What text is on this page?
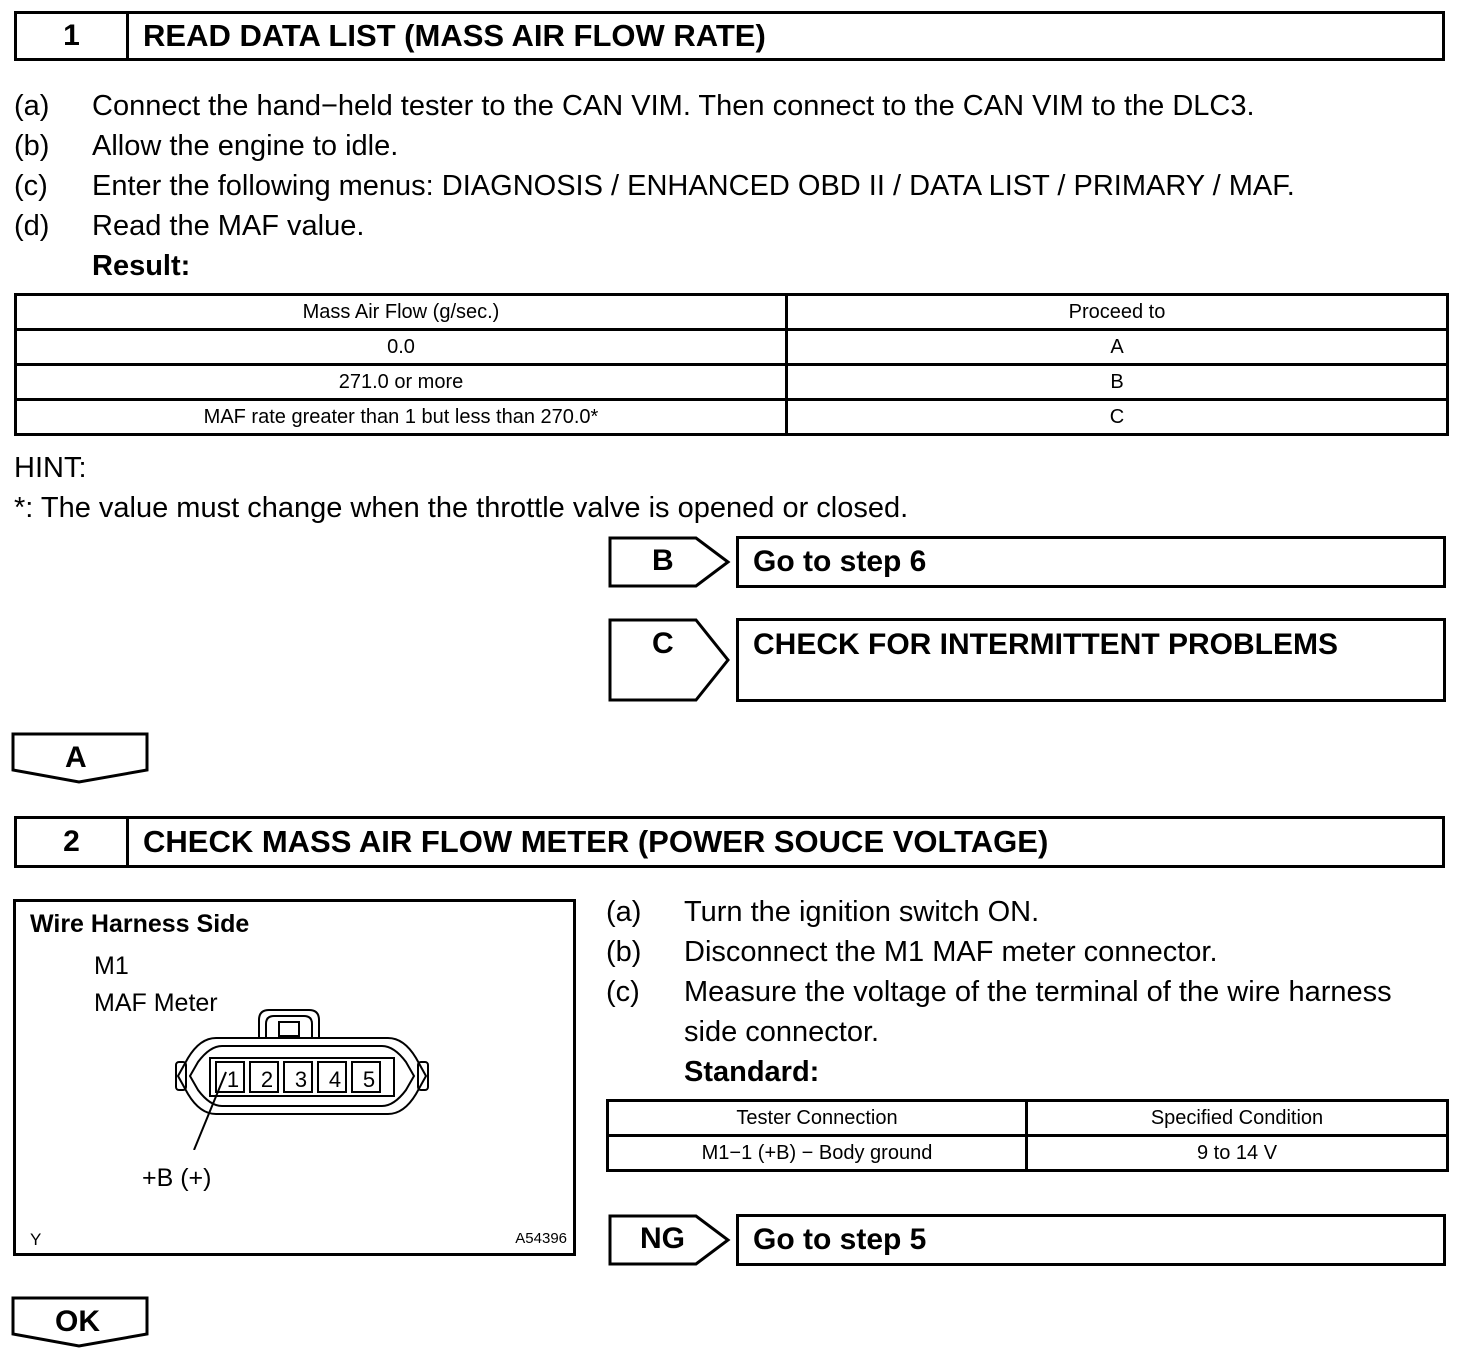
1	READ DATA LIST (MASS AIR FLOW RATE)
(a) Connect the hand−held tester to the CAN VIM. Then connect to the CAN VIM to the DLC3.
(b) Allow the engine to idle.
(c) Enter the following menus: DIAGNOSIS / ENHANCED OBD II / DATA LIST / PRIMARY / MAF.
(d) Read the MAF value.
Result:
Mass Air Flow (g/sec.)	Proceed to
0.0	A
271.0 or more	B
MAF rate greater than 1 but less than 270.0*	C
HINT:
*: The value must change when the throttle valve is opened or closed.
B	Go to step 6
C	CHECK FOR INTERMITTENT PROBLEMS
A
2	CHECK MASS AIR FLOW METER (POWER SOUCE VOLTAGE)
Wire Harness Side
M1
MAF Meter
1 2 3 4 5
+B (+)
Y	A54396
(a) Turn the ignition switch ON.
(b) Disconnect the M1 MAF meter connector.
(c) Measure the voltage of the terminal of the wire harness
side connector.
Standard:
Tester Connection	Specified Condition
M1−1 (+B) − Body ground	9 to 14 V
NG	Go to step 5
OK
